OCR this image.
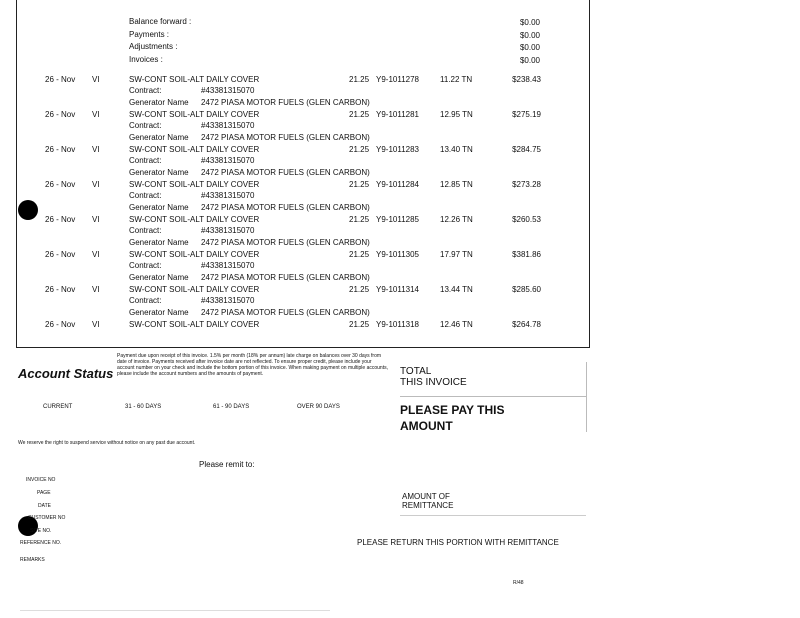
Balance forward :	$0.00
Payments :	$0.00
Adjustments :	$0.00
Invoices :	$0.00
26 - Nov VI	SW-CONT SOIL-ALT DAILY COVER	21.25 Y9-1011278	11.22 TN	$238.43
Contract:	#43381315070
Generator Name 2472 PIASA MOTOR FUELS (GLEN CARBON)
26 - Nov VI	SW-CONT SOIL-ALT DAILY COVER	21.25 Y9-1011281	12.95 TN	$275.19
Contract:	#43381315070
Generator Name 2472 PIASA MOTOR FUELS (GLEN CARBON)
26 - Nov VI	SW-CONT SOIL-ALT DAILY COVER	21.25 Y9-1011283	13.40 TN	$284.75
Contract:	#43381315070
Generator Name 2472 PIASA MOTOR FUELS (GLEN CARBON)
26 - Nov VI	SW-CONT SOIL-ALT DAILY COVER	21.25 Y9-1011284	12.85 TN	$273.28
Contract:	#43381315070
Generator Name 2472 PIASA MOTOR FUELS (GLEN CARBON)
26 - Nov VI	SW-CONT SOIL-ALT DAILY COVER	21.25 Y9-1011285	12.26 TN	$260.53
Contract:	#43381315070
Generator Name 2472 PIASA MOTOR FUELS (GLEN CARBON)
26 - Nov VI	SW-CONT SOIL-ALT DAILY COVER	21.25 Y9-1011305	17.97 TN	$381.86
Contract:	#43381315070
Generator Name 2472 PIASA MOTOR FUELS (GLEN CARBON)
26 - Nov VI	SW-CONT SOIL-ALT DAILY COVER	21.25 Y9-1011314	13.44 TN	$285.60
Contract:	#43381315070
Generator Name 2472 PIASA MOTOR FUELS (GLEN CARBON)
26 - Nov VI	SW-CONT SOIL-ALT DAILY COVER	21.25 Y9-1011318	12.46 TN	$264.78
Account Status
Payment due upon receipt of this invoice. 1.5% per month (18% per annum) late charge on balances over 30 days from date of invoice. Payments received after invoice date are not reflected. To ensure proper credit, please include your account number on your check and include the bottom portion of this invoice. When making payment on multiple accounts, please include the account numbers and the amounts of payment.
CURRENT	31 - 60 DAYS	61 - 90 DAYS	OVER 90 DAYS
TOTAL
THIS INVOICE
PLEASE PAY THIS
AMOUNT
We reserve the right to suspend service without notice on any past due account.
Please remit to:
INVOICE NO
PAGE
DATE
CUSTOMER NO
SITE NO.
REFERENCE NO.
REMARKS
AMOUNT OF
REMITTANCE
PLEASE RETURN THIS PORTION WITH REMITTANCE
R/48
